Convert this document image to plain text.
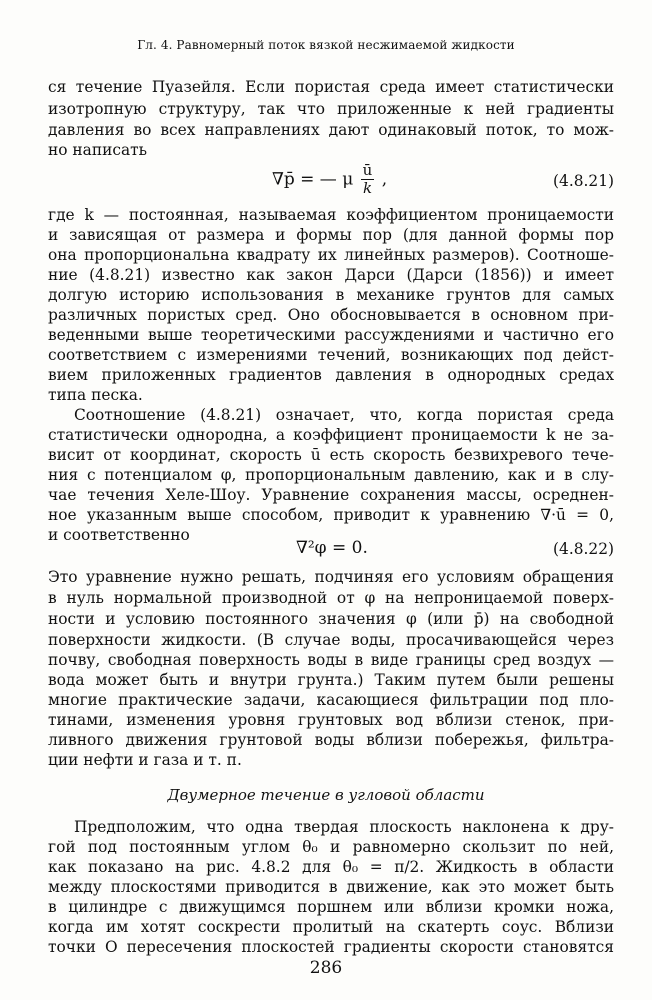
Гл. 4. Равномерный поток вязкой несжимаемой жидкости
ся течение Пуазейля. Если пористая среда имеет статистически
изотропную структуру, так что приложенные к ней градиенты
давления во всех направлениях дают одинаковый поток, то мож-
но написать
∇p̄ = — μ $\frac{ū}{k}$ ,	(4.8.21)
где k — постоянная, называемая коэффициентом проницаемости
и зависящая от размера и формы пор (для данной формы пор
она пропорциональна квадрату их линейных размеров). Соотноше-
ние (4.8.21) известно как закон Дарси (Дарси (1856)) и имеет
долгую историю использования в механике грунтов для самых
различных пористых сред. Оно обосновывается в основном при-
веденными выше теоретическими рассуждениями и частично его
соответствием с измерениями течений, возникающих под дейст-
вием приложенных градиентов давления в однородных средах
типа песка.
Соотношение (4.8.21) означает, что, когда пористая среда
статистически однородна, а коэффициент проницаемости k не за-
висит от координат, скорость ū есть скорость безвихревого тече-
ния с потенциалом φ, пропорциональным давлению, как и в слу-
чае течения Хеле-Шоу. Уравнение сохранения массы, осреднен-
ное указанным выше способом, приводит к уравнению ∇·ū = 0,
и соответственно
∇²φ = 0.	(4.8.22)
Это уравнение нужно решать, подчиняя его условиям обращения
в нуль нормальной производной от φ на непроницаемой поверх-
ности и условию постоянного значения φ (или p̄) на свободной
поверхности жидкости. (В случае воды, просачивающейся через
почву, свободная поверхность воды в виде границы сред воздух —
вода может быть и внутри грунта.) Таким путем были решены
многие практические задачи, касающиеся фильтрации под пло-
тинами, изменения уровня грунтовых вод вблизи стенок, при-
ливного движения грунтовой воды вблизи побережья, фильтра-
ции нефти и газа и т. п.
Двумерное течение в угловой области
Предположим, что одна твердая плоскость наклонена к дру-
гой под постоянным углом θ₀ и равномерно скользит по ней,
как показано на рис. 4.8.2 для θ₀ = π/2. Жидкость в области
между плоскостями приводится в движение, как это может быть
в цилиндре с движущимся поршнем или вблизи кромки ножа,
когда им хотят соскрести пролитый на скатерть соус. Вблизи
точки O пересечения плоскостей градиенты скорости становятся
286
